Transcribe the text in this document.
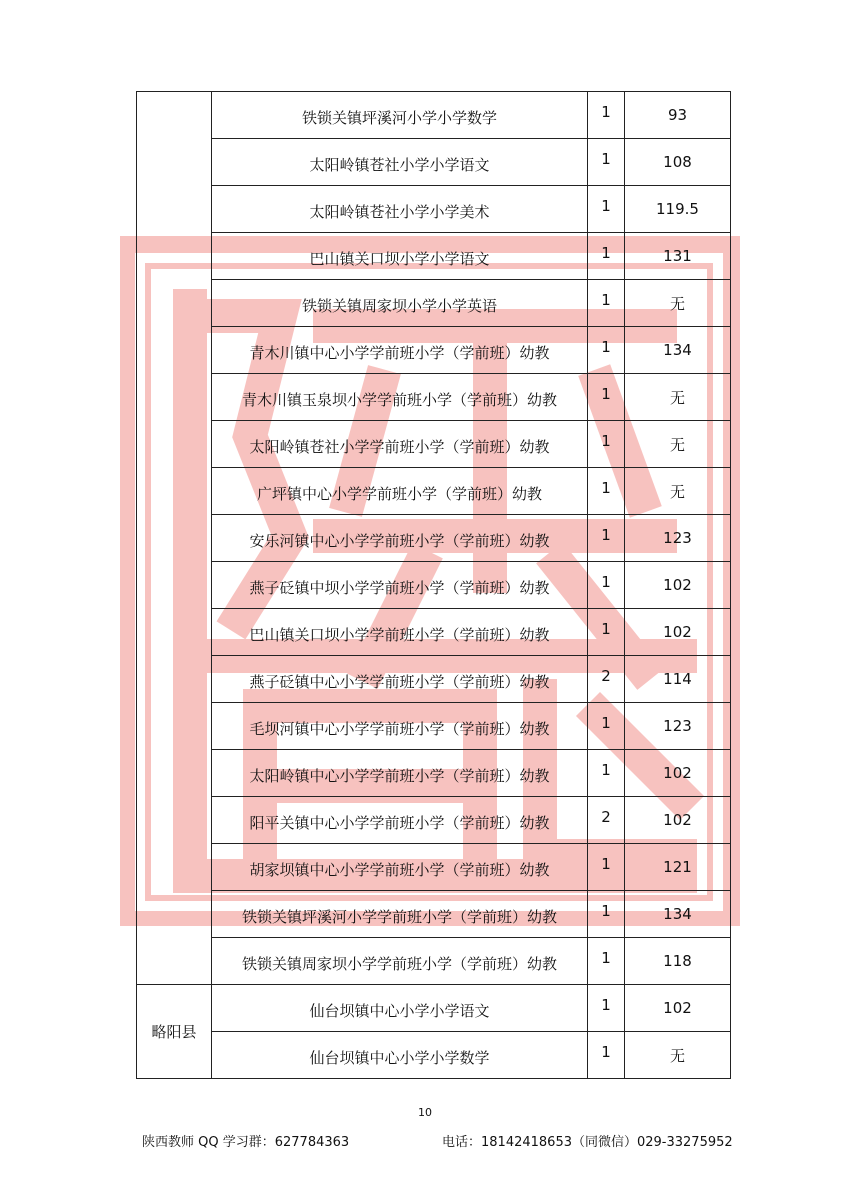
	铁锁关镇坪溪河小学小学数学	1	93
	太阳岭镇苍社小学小学语文	1	108
	太阳岭镇苍社小学小学美术	1	119.5
	巴山镇关口坝小学小学语文	1	131
	铁锁关镇周家坝小学小学英语	1	无
	青木川镇中心小学学前班小学（学前班）幼教	1	134
	青木川镇玉泉坝小学学前班小学（学前班）幼教	1	无
	太阳岭镇苍社小学学前班小学（学前班）幼教	1	无
	广坪镇中心小学学前班小学（学前班）幼教	1	无
	安乐河镇中心小学学前班小学（学前班）幼教	1	123
	燕子砭镇中坝小学学前班小学（学前班）幼教	1	102
	巴山镇关口坝小学学前班小学（学前班）幼教	1	102
	燕子砭镇中心小学学前班小学（学前班）幼教	2	114
	毛坝河镇中心小学学前班小学（学前班）幼教	1	123
	太阳岭镇中心小学学前班小学（学前班）幼教	1	102
	阳平关镇中心小学学前班小学（学前班）幼教	2	102
	胡家坝镇中心小学学前班小学（学前班）幼教	1	121
	铁锁关镇坪溪河小学学前班小学（学前班）幼教	1	134
	铁锁关镇周家坝小学学前班小学（学前班）幼教	1	118
略阳县	仙台坝镇中心小学小学语文	1	102
	仙台坝镇中心小学小学数学	1	无
10
陕西教师 QQ 学习群：627784363	电话：18142418653（同微信）029-33275952
